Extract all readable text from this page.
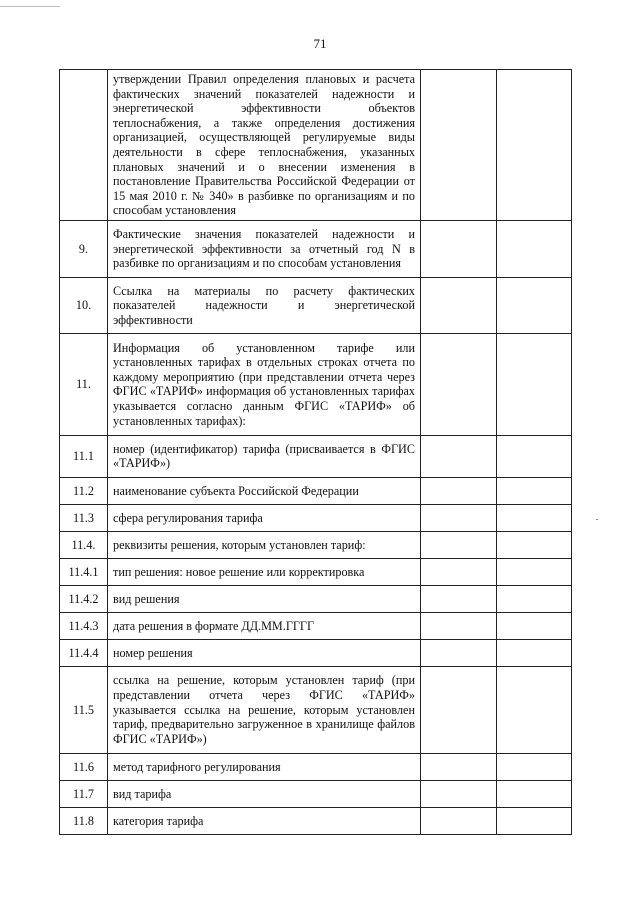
71
	утверждении Правил определения плановых и расчета фактических значений показателей надежности и энергетической эффективности объектов теплоснабжения, а также определения достижения организацией, осуществляющей регулируемые виды деятельности в сфере теплоснабжения, указанных плановых значений и о внесении изменения в постановление Правительства Российской Федерации от 15 мая 2010 г. № 340» в разбивке по организациям и по способам установления		
9.	Фактические значения показателей надежности и энергетической эффективности за отчетный год N в разбивке по организациям и по способам установления		
10.	Ссылка на материалы по расчету фактических показателей надежности и энергетической эффективности		
11.	Информация об установленном тарифе или установленных тарифах в отдельных строках отчета по каждому мероприятию (при представлении отчета через ФГИС «ТАРИФ» информация об установленных тарифах указывается согласно данным ФГИС «ТАРИФ» об установленных тарифах):		
11.1	номер (идентификатор) тарифа (присваивается в ФГИС «ТАРИФ»)		
11.2	наименование субъекта Российской Федерации		
11.3	сфера регулирования тарифа		
11.4.	реквизиты решения, которым установлен тариф:		
11.4.1	тип решения: новое решение или корректировка		
11.4.2	вид решения		
11.4.3	дата решения в формате ДД.ММ.ГГГГ		
11.4.4	номер решения		
11.5	ссылка на решение, которым установлен тариф (при представлении отчета через ФГИС «ТАРИФ» указывается ссылка на решение, которым установлен тариф, предварительно загруженное в хранилище файлов ФГИС «ТАРИФ»)		
11.6	метод тарифного регулирования		
11.7	вид тарифа		
11.8	категория тарифа		
